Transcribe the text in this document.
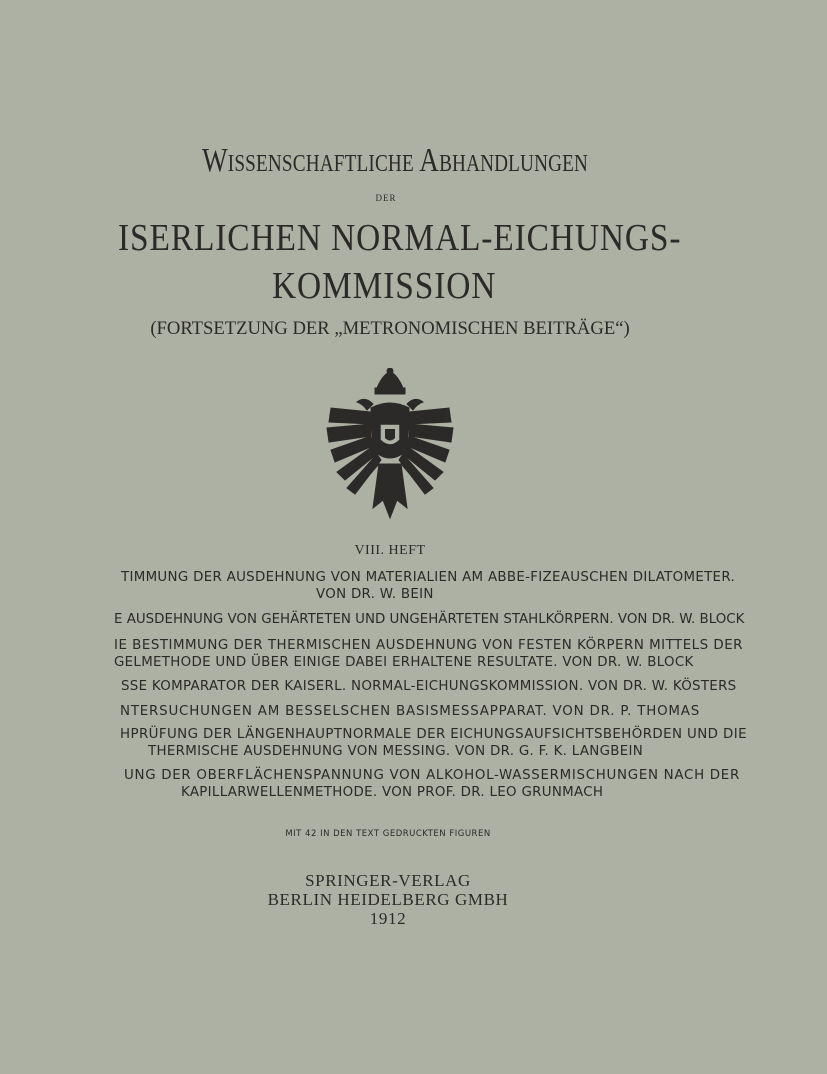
Wissenschaftliche Abhandlungen
DER
ISERLICHEN NORMAL-EICHUNGS-
KOMMISSION
(FORTSETZUNG DER „METRONOMISCHEN BEITRÄGE“)
VIII. HEFT
TIMMUNG DER AUSDEHNUNG VON MATERIALIEN AM ABBE-FIZEAUSCHEN DILATOMETER.
VON DR. W. BEIN
E AUSDEHNUNG VON GEHÄRTETEN UND UNGEHÄRTETEN STAHLKÖRPERN. VON DR. W. BLOCK
IE BESTIMMUNG DER THERMISCHEN AUSDEHNUNG VON FESTEN KÖRPERN MITTELS DER
GELMETHODE UND ÜBER EINIGE DABEI ERHALTENE RESULTATE. VON DR. W. BLOCK
SSE KOMPARATOR DER KAISERL. NORMAL-EICHUNGSKOMMISSION. VON DR. W. KÖSTERS
NTERSUCHUNGEN AM BESSELSCHEN BASISMESSAPPARAT. VON DR. P. THOMAS
HPRÜFUNG DER LÄNGENHAUPTNORMALE DER EICHUNGSAUFSICHTSBEHÖRDEN UND DIE
THERMISCHE AUSDEHNUNG VON MESSING. VON DR. G. F. K. LANGBEIN
UNG DER OBERFLÄCHENSPANNUNG VON ALKOHOL-WASSERMISCHUNGEN NACH DER
KAPILLARWELLENMETHODE. VON PROF. DR. LEO GRUNMACH
MIT 42 IN DEN TEXT GEDRUCKTEN FIGUREN
SPRINGER-VERLAG
BERLIN HEIDELBERG GMBH
1912
